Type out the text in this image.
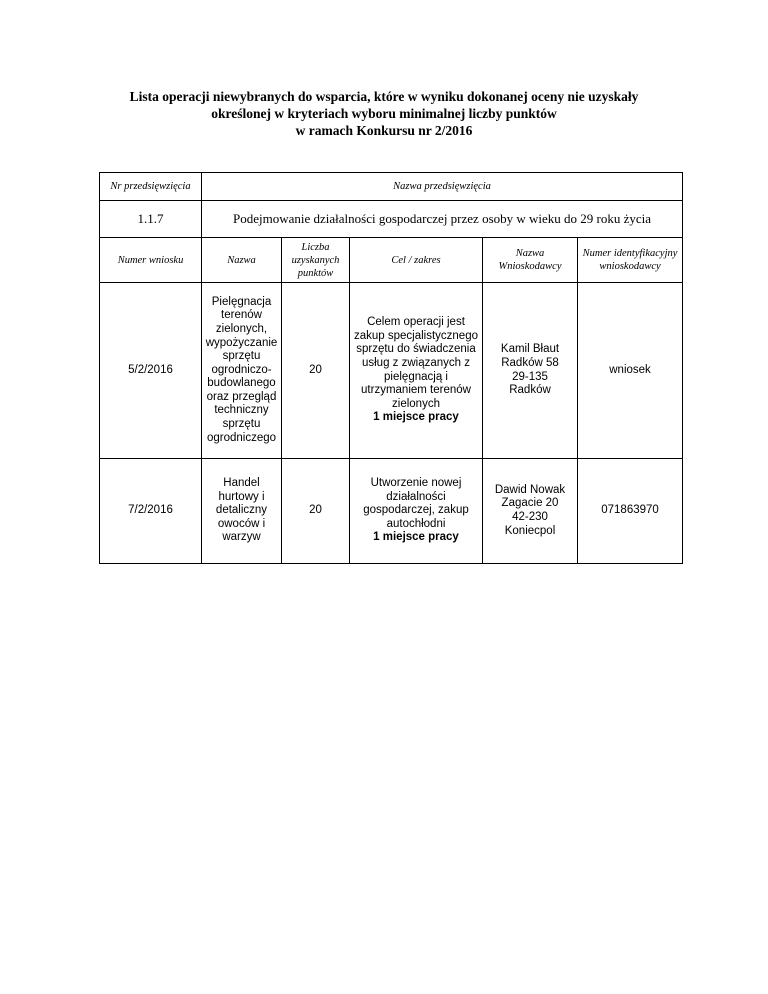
Lista operacji niewybranych do wsparcia, które w wyniku dokonanej oceny nie uzyskały
określonej w kryteriach wyboru minimalnej liczby punktów
w ramach Konkursu nr 2/2016
Nr przedsięwzięcia	Nazwa przedsięwzięcia				
1.1.7	Podejmowanie działalności gospodarczej przez osoby w wieku do 29 roku życia				
Numer wniosku	Nazwa	Liczba uzyskanych punktów	Cel / zakres	Nazwa Wnioskodawcy	Numer identyfikacyjny wnioskodawcy
5/2/2016	Pielęgnacja terenów zielonych, wypożyczanie sprzętu ogrodniczo-budowlanego oraz przegląd techniczny sprzętu ogrodniczego	20	Celem operacji jest zakup specjalistycznego sprzętu do świadczenia usług z związanych z pielęgnacją i utrzymaniem terenów zielonych
1 miejsce pracy	Kamil Błaut
Radków 58
29-135
Radków	wniosek
7/2/2016	Handel hurtowy i detaliczny owoców i warzyw	20	Utworzenie nowej działalności gospodarczej, zakup autochłodni
1 miejsce pracy	Dawid Nowak
Zagacie 20
42-230
Koniecpol	071863970
